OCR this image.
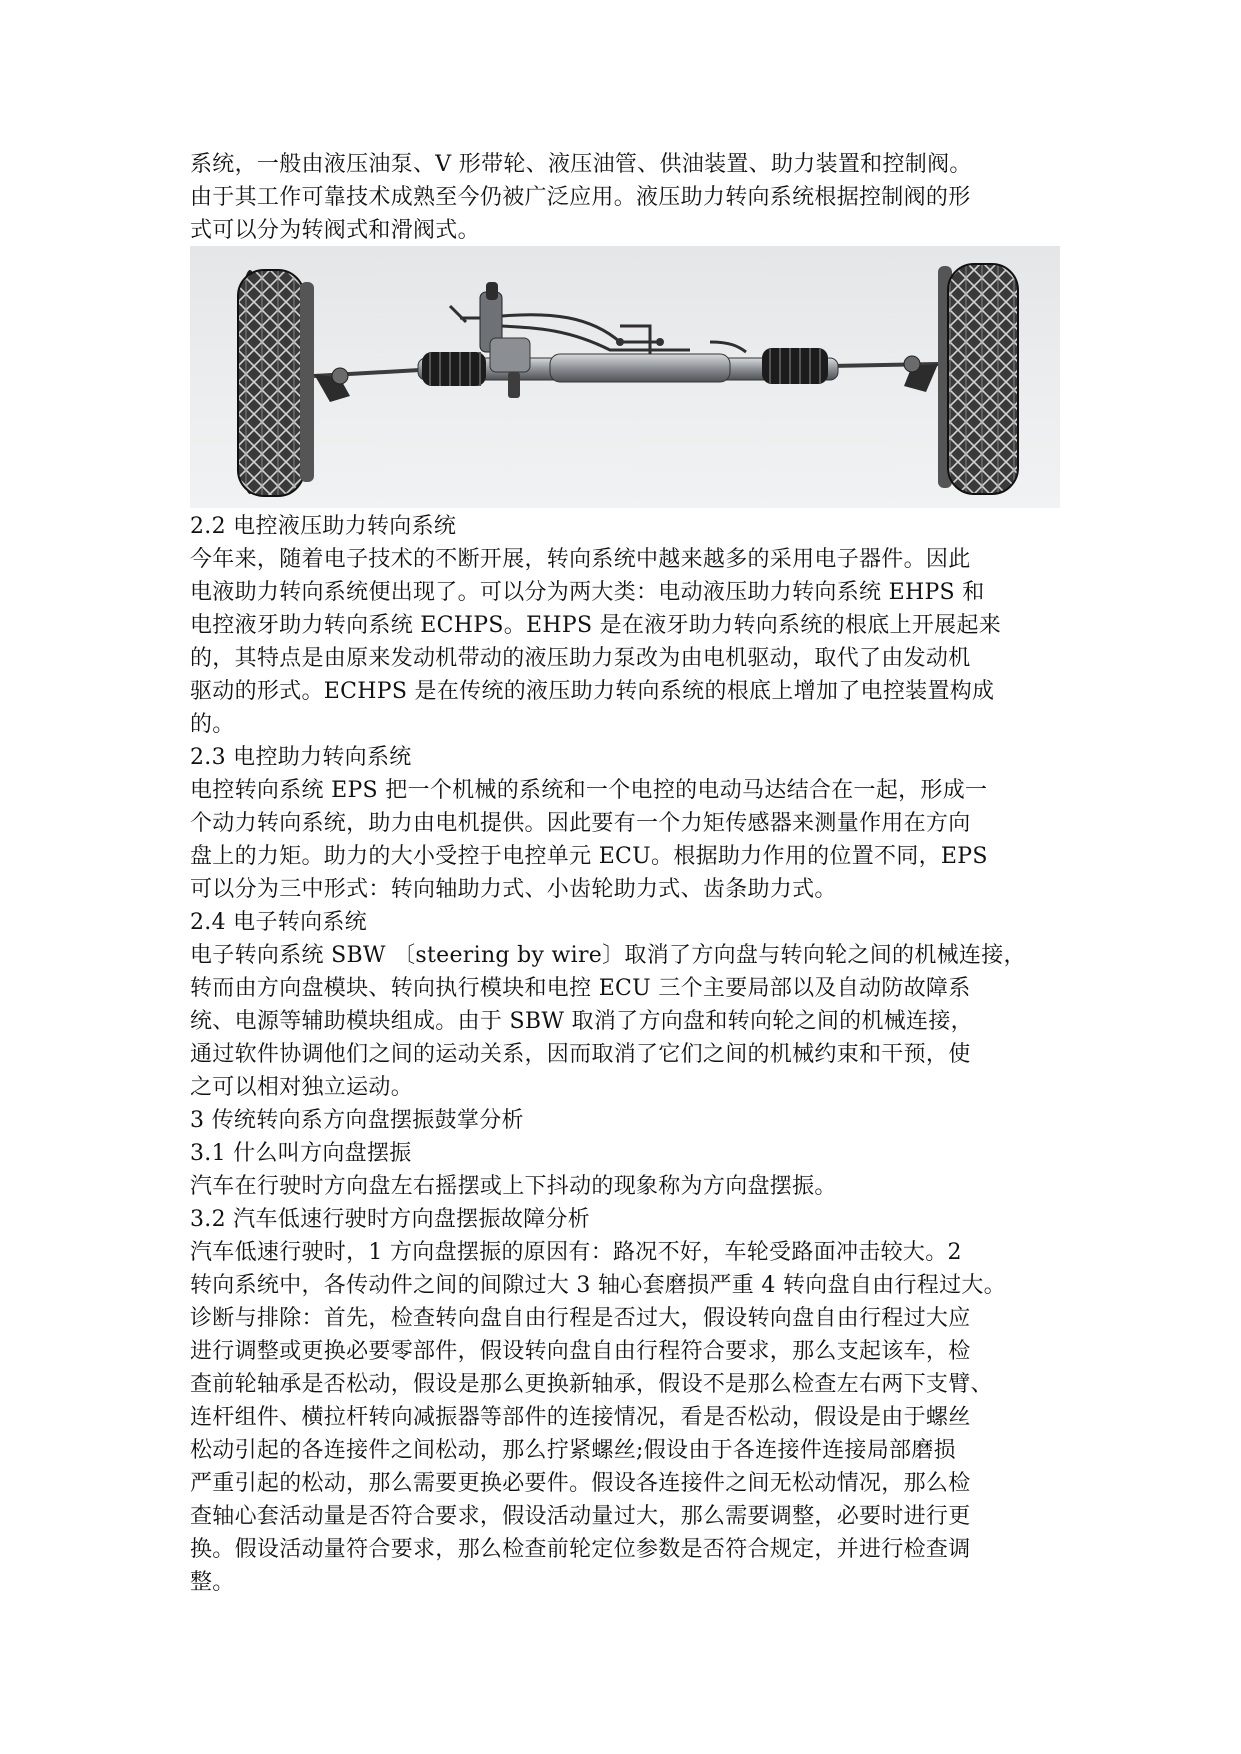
系统，一般由液压油泵、V 形带轮、液压油管、供油装置、助力装置和控制阀。
由于其工作可靠技术成熟至今仍被广泛应用。液压助力转向系统根据控制阀的形
式可以分为转阀式和滑阀式。
2.2 电控液压助力转向系统
今年来，随着电子技术的不断开展，转向系统中越来越多的采用电子器件。因此
电液助力转向系统便出现了。可以分为两大类：电动液压助力转向系统 EHPS 和
电控液牙助力转向系统 ECHPS。EHPS 是在液牙助力转向系统的根底上开展起来
的，其特点是由原来发动机带动的液压助力泵改为由电机驱动，取代了由发动机
驱动的形式。ECHPS 是在传统的液压助力转向系统的根底上增加了电控装置构成
的。
2.3 电控助力转向系统
电控转向系统 EPS 把一个机械的系统和一个电控的电动马达结合在一起，形成一
个动力转向系统，助力由电机提供。因此要有一个力矩传感器来测量作用在方向
盘上的力矩。助力的大小受控于电控单元 ECU。根据助力作用的位置不同，EPS
可以分为三中形式：转向轴助力式、小齿轮助力式、齿条助力式。
2.4 电子转向系统
电子转向系统 SBW 〔steering by wire〕取消了方向盘与转向轮之间的机械连接，
转而由方向盘模块、转向执行模块和电控 ECU 三个主要局部以及自动防故障系
统、电源等辅助模块组成。由于 SBW 取消了方向盘和转向轮之间的机械连接，
通过软件协调他们之间的运动关系，因而取消了它们之间的机械约束和干预，使
之可以相对独立运动。
3 传统转向系方向盘摆振鼓掌分析
3.1 什么叫方向盘摆振
汽车在行驶时方向盘左右摇摆或上下抖动的现象称为方向盘摆振。
3.2 汽车低速行驶时方向盘摆振故障分析
汽车低速行驶时，1 方向盘摆振的原因有：路况不好，车轮受路面冲击较大。2
转向系统中，各传动件之间的间隙过大 3 轴心套磨损严重 4 转向盘自由行程过大。
诊断与排除：首先，检查转向盘自由行程是否过大，假设转向盘自由行程过大应
进行调整或更换必要零部件，假设转向盘自由行程符合要求，那么支起该车，检
查前轮轴承是否松动，假设是那么更换新轴承，假设不是那么检查左右两下支臂、
连杆组件、横拉杆转向减振器等部件的连接情况，看是否松动，假设是由于螺丝
松动引起的各连接件之间松动，那么拧紧螺丝;假设由于各连接件连接局部磨损
严重引起的松动，那么需要更换必要件。假设各连接件之间无松动情况，那么检
查轴心套活动量是否符合要求，假设活动量过大，那么需要调整，必要时进行更
换。假设活动量符合要求，那么检查前轮定位参数是否符合规定，并进行检查调
整。
